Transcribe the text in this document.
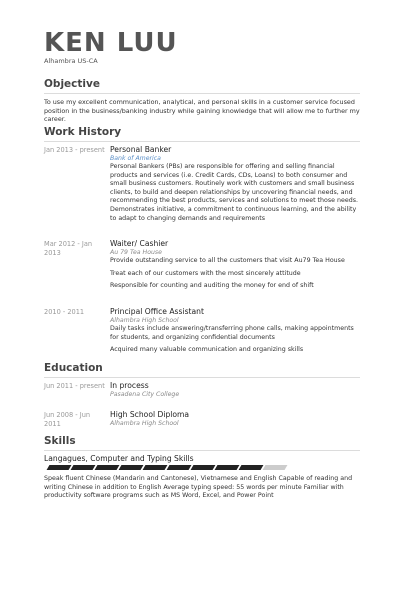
KEN LUU
Alhambra US-CA
Objective
To use my excellent communication, analytical, and personal skills in a customer service focused position in the business/banking industry while gaining knowledge that will allow me to further my career.
Work History
Jan 2013 - present Personal Banker
Bank of America

Personal Bankers (PBs) are responsible for offering and selling financial products and services (i.e. Credit Cards, CDs, Loans) to both consumer and small business customers. Routinely work with customers and small business clients, to build and deepen relationships by uncovering financial needs, and recommending the best products, services and solutions to meet those needs. Demonstrates initiative, a commitment to continuous learning, and the ability to adapt to changing demands and requirements

Mar 2012 - Jan 2013
Waiter/ Cashier
Au 79 Tea House

Provide outstanding service to all the customers that visit Au79 Tea House

Treat each of our customers with the most sincerely attitude

Responsible for counting and auditing the money for end of shift

2010 - 2011	Principal Office Assistant
Alhambra High School

Daily tasks include answering/transferring phone calls, making appointments for students, and organizing confidential documents

Acquired many valuable communication and organizing skills

Education
Jun 2011 - present In process
Pasadena City College
Jun 2008 - Jun 2011
High School Diploma
Alhambra High School
Skills
Langagues, Computer and Typing Skills
Speak fluent Chinese (Mandarin and Cantonese), Vietnamese and English Capable of reading and writing Chinese in addition to English Average typing speed: 55 words per minute Familiar with productivity software programs such as MS Word, Excel, and Power Point
